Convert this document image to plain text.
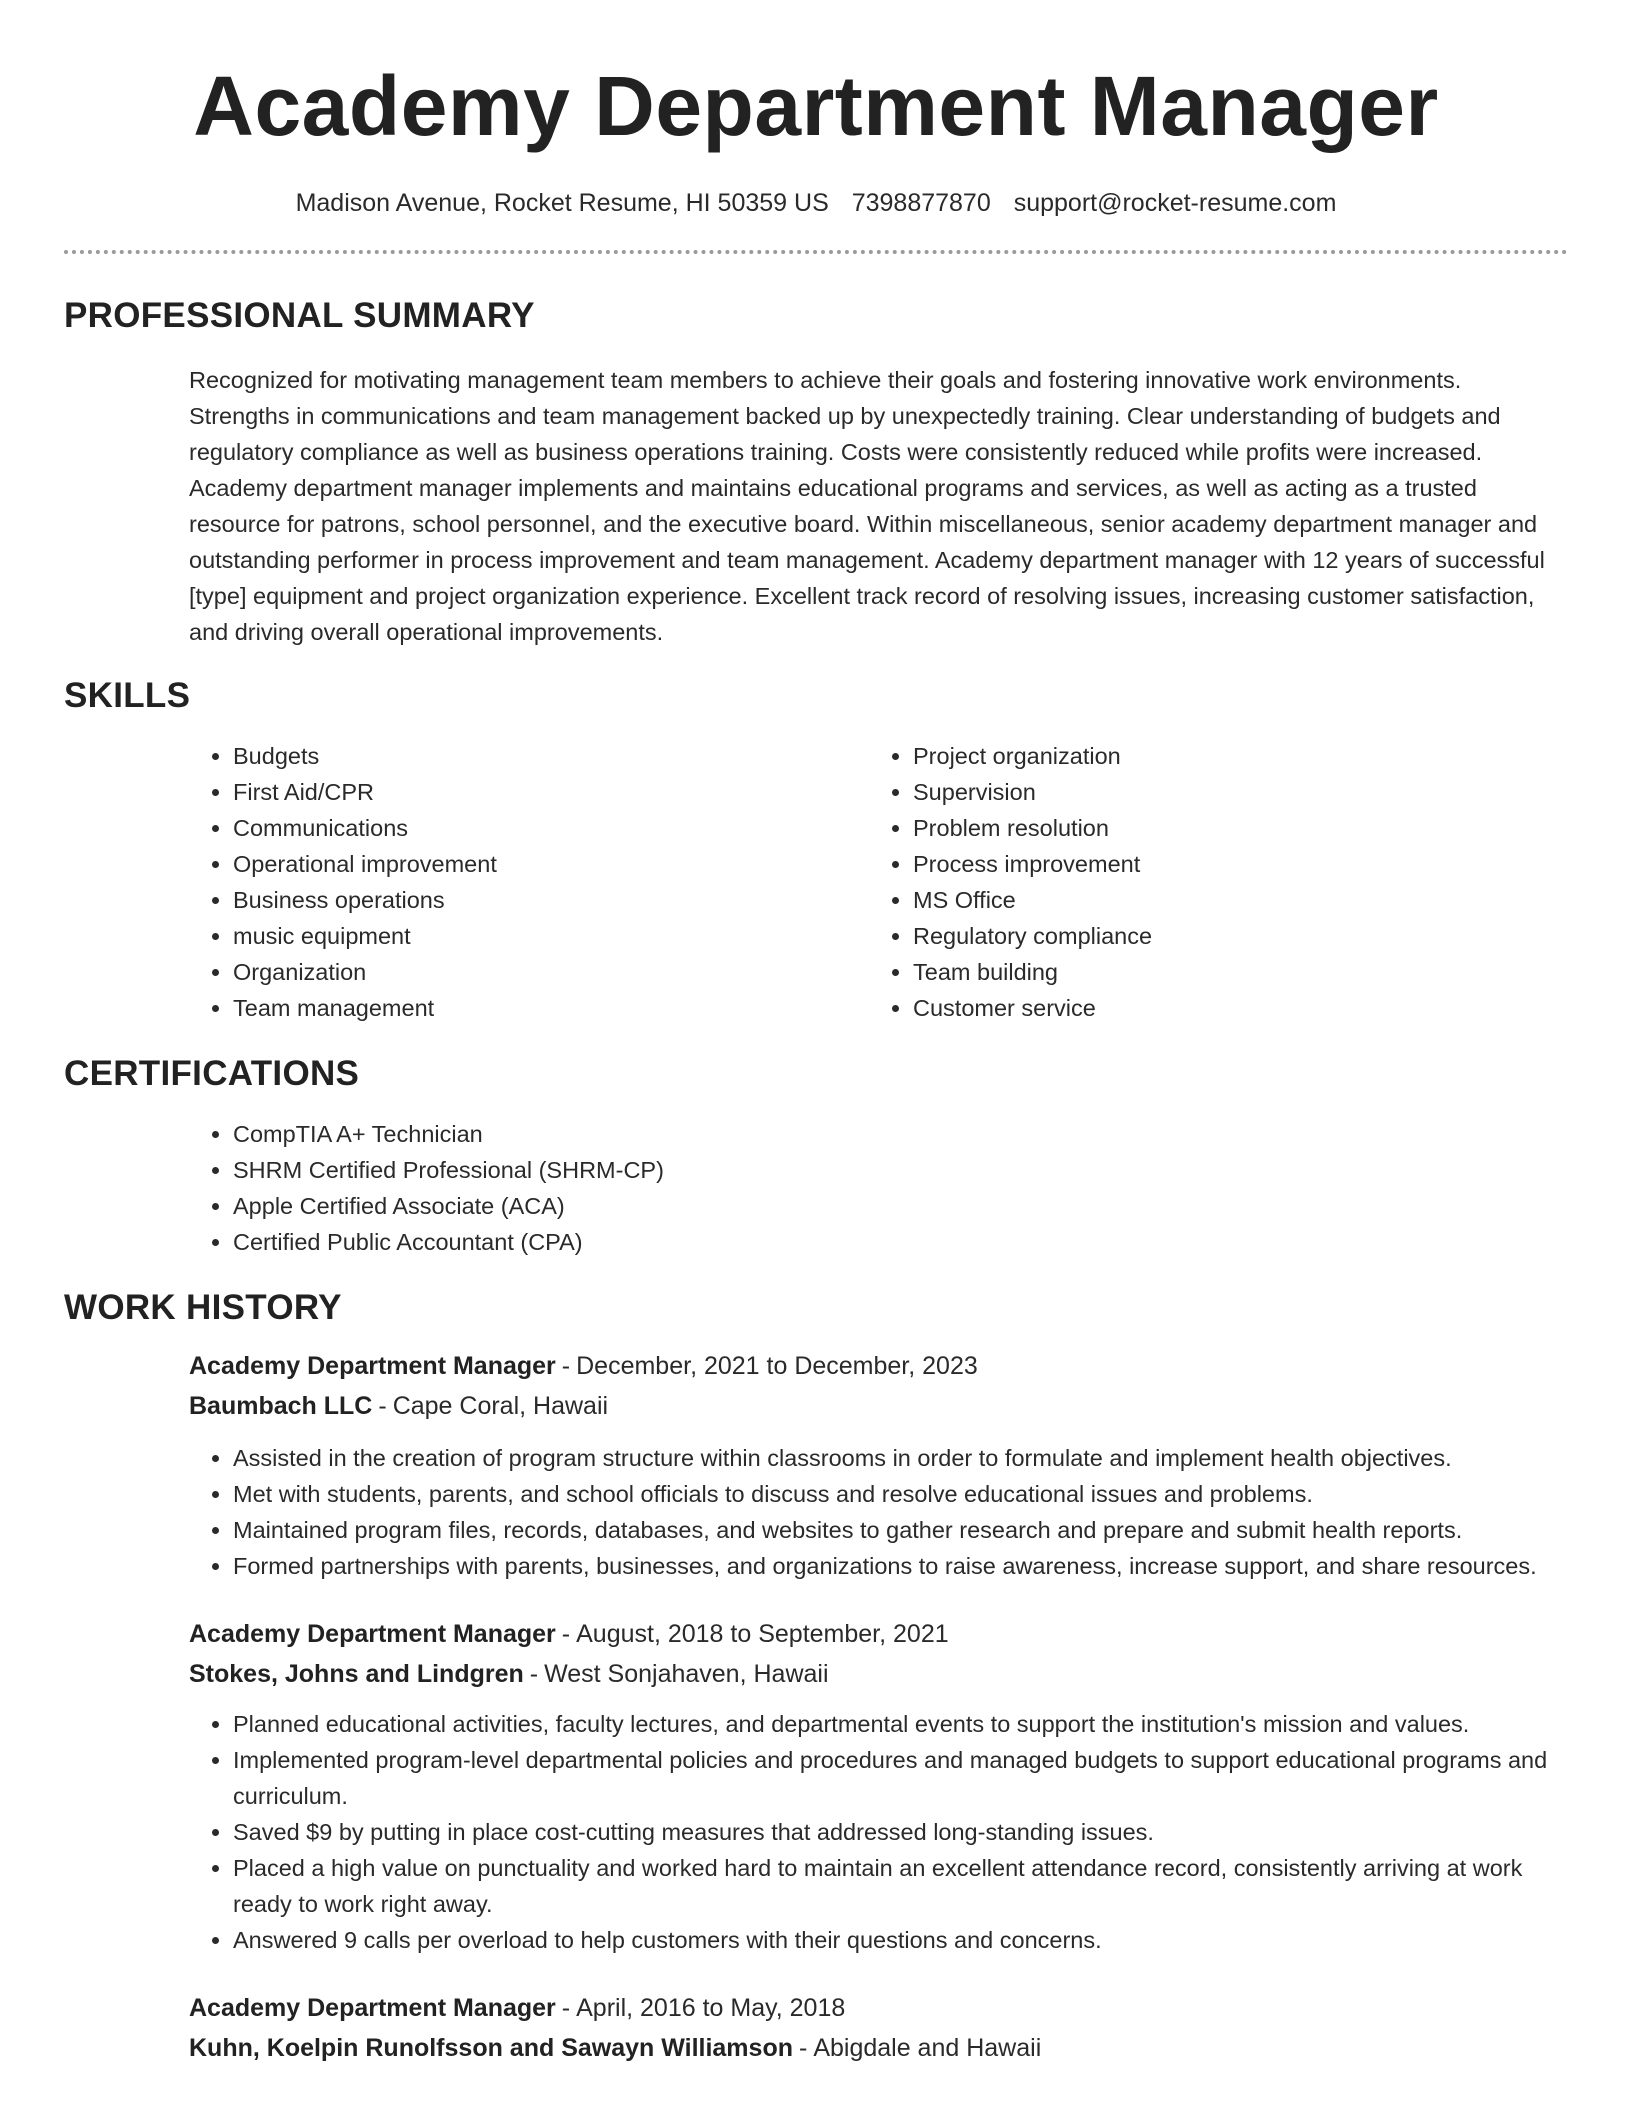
Academy Department Manager
Madison Avenue, Rocket Resume, HI 50359 US 7398877870 support@rocket-resume.com
PROFESSIONAL SUMMARY

Recognized for motivating management team members to achieve their goals and fostering innovative work environments. Strengths in communications and team management backed up by unexpectedly training. Clear understanding of budgets and regulatory compliance as well as business operations training. Costs were consistently reduced while profits were increased. Academy department manager implements and maintains educational programs and services, as well as acting as a trusted resource for patrons, school personnel, and the executive board. Within miscellaneous, senior academy department manager and outstanding performer in process improvement and team management. Academy department manager with 12 years of successful [type] equipment and project organization experience. Excellent track record of resolving issues, increasing customer satisfaction, and driving overall operational improvements.

SKILLS
• Budgets
• First Aid/CPR
• Communications
• Operational improvement
• Business operations
• music equipment
• Organization
• Team management
• Project organization
• Supervision
• Problem resolution
• Process improvement
• MS Office
• Regulatory compliance
• Team building
• Customer service
CERTIFICATIONS
• CompTIA A+ Technician
• SHRM Certified Professional (SHRM-CP)
• Apple Certified Associate (ACA)
• Certified Public Accountant (CPA)
WORK HISTORY
Academy Department Manager - December, 2021 to December, 2023
Baumbach LLC - Cape Coral, Hawaii
• Assisted in the creation of program structure within classrooms in order to formulate and implement health objectives.
• Met with students, parents, and school officials to discuss and resolve educational issues and problems.
• Maintained program files, records, databases, and websites to gather research and prepare and submit health reports.
• Formed partnerships with parents, businesses, and organizations to raise awareness, increase support, and share resources.
Academy Department Manager - August, 2018 to September, 2021
Stokes, Johns and Lindgren - West Sonjahaven, Hawaii
• Planned educational activities, faculty lectures, and departmental events to support the institution's mission and values.
• Implemented program-level departmental policies and procedures and managed budgets to support educational programs and curriculum.
• Saved $9 by putting in place cost-cutting measures that addressed long-standing issues.
• Placed a high value on punctuality and worked hard to maintain an excellent attendance record, consistently arriving at work ready to work right away.
• Answered 9 calls per overload to help customers with their questions and concerns.
Academy Department Manager - April, 2016 to May, 2018
Kuhn, Koelpin Runolfsson and Sawayn Williamson - Abigdale and Hawaii
